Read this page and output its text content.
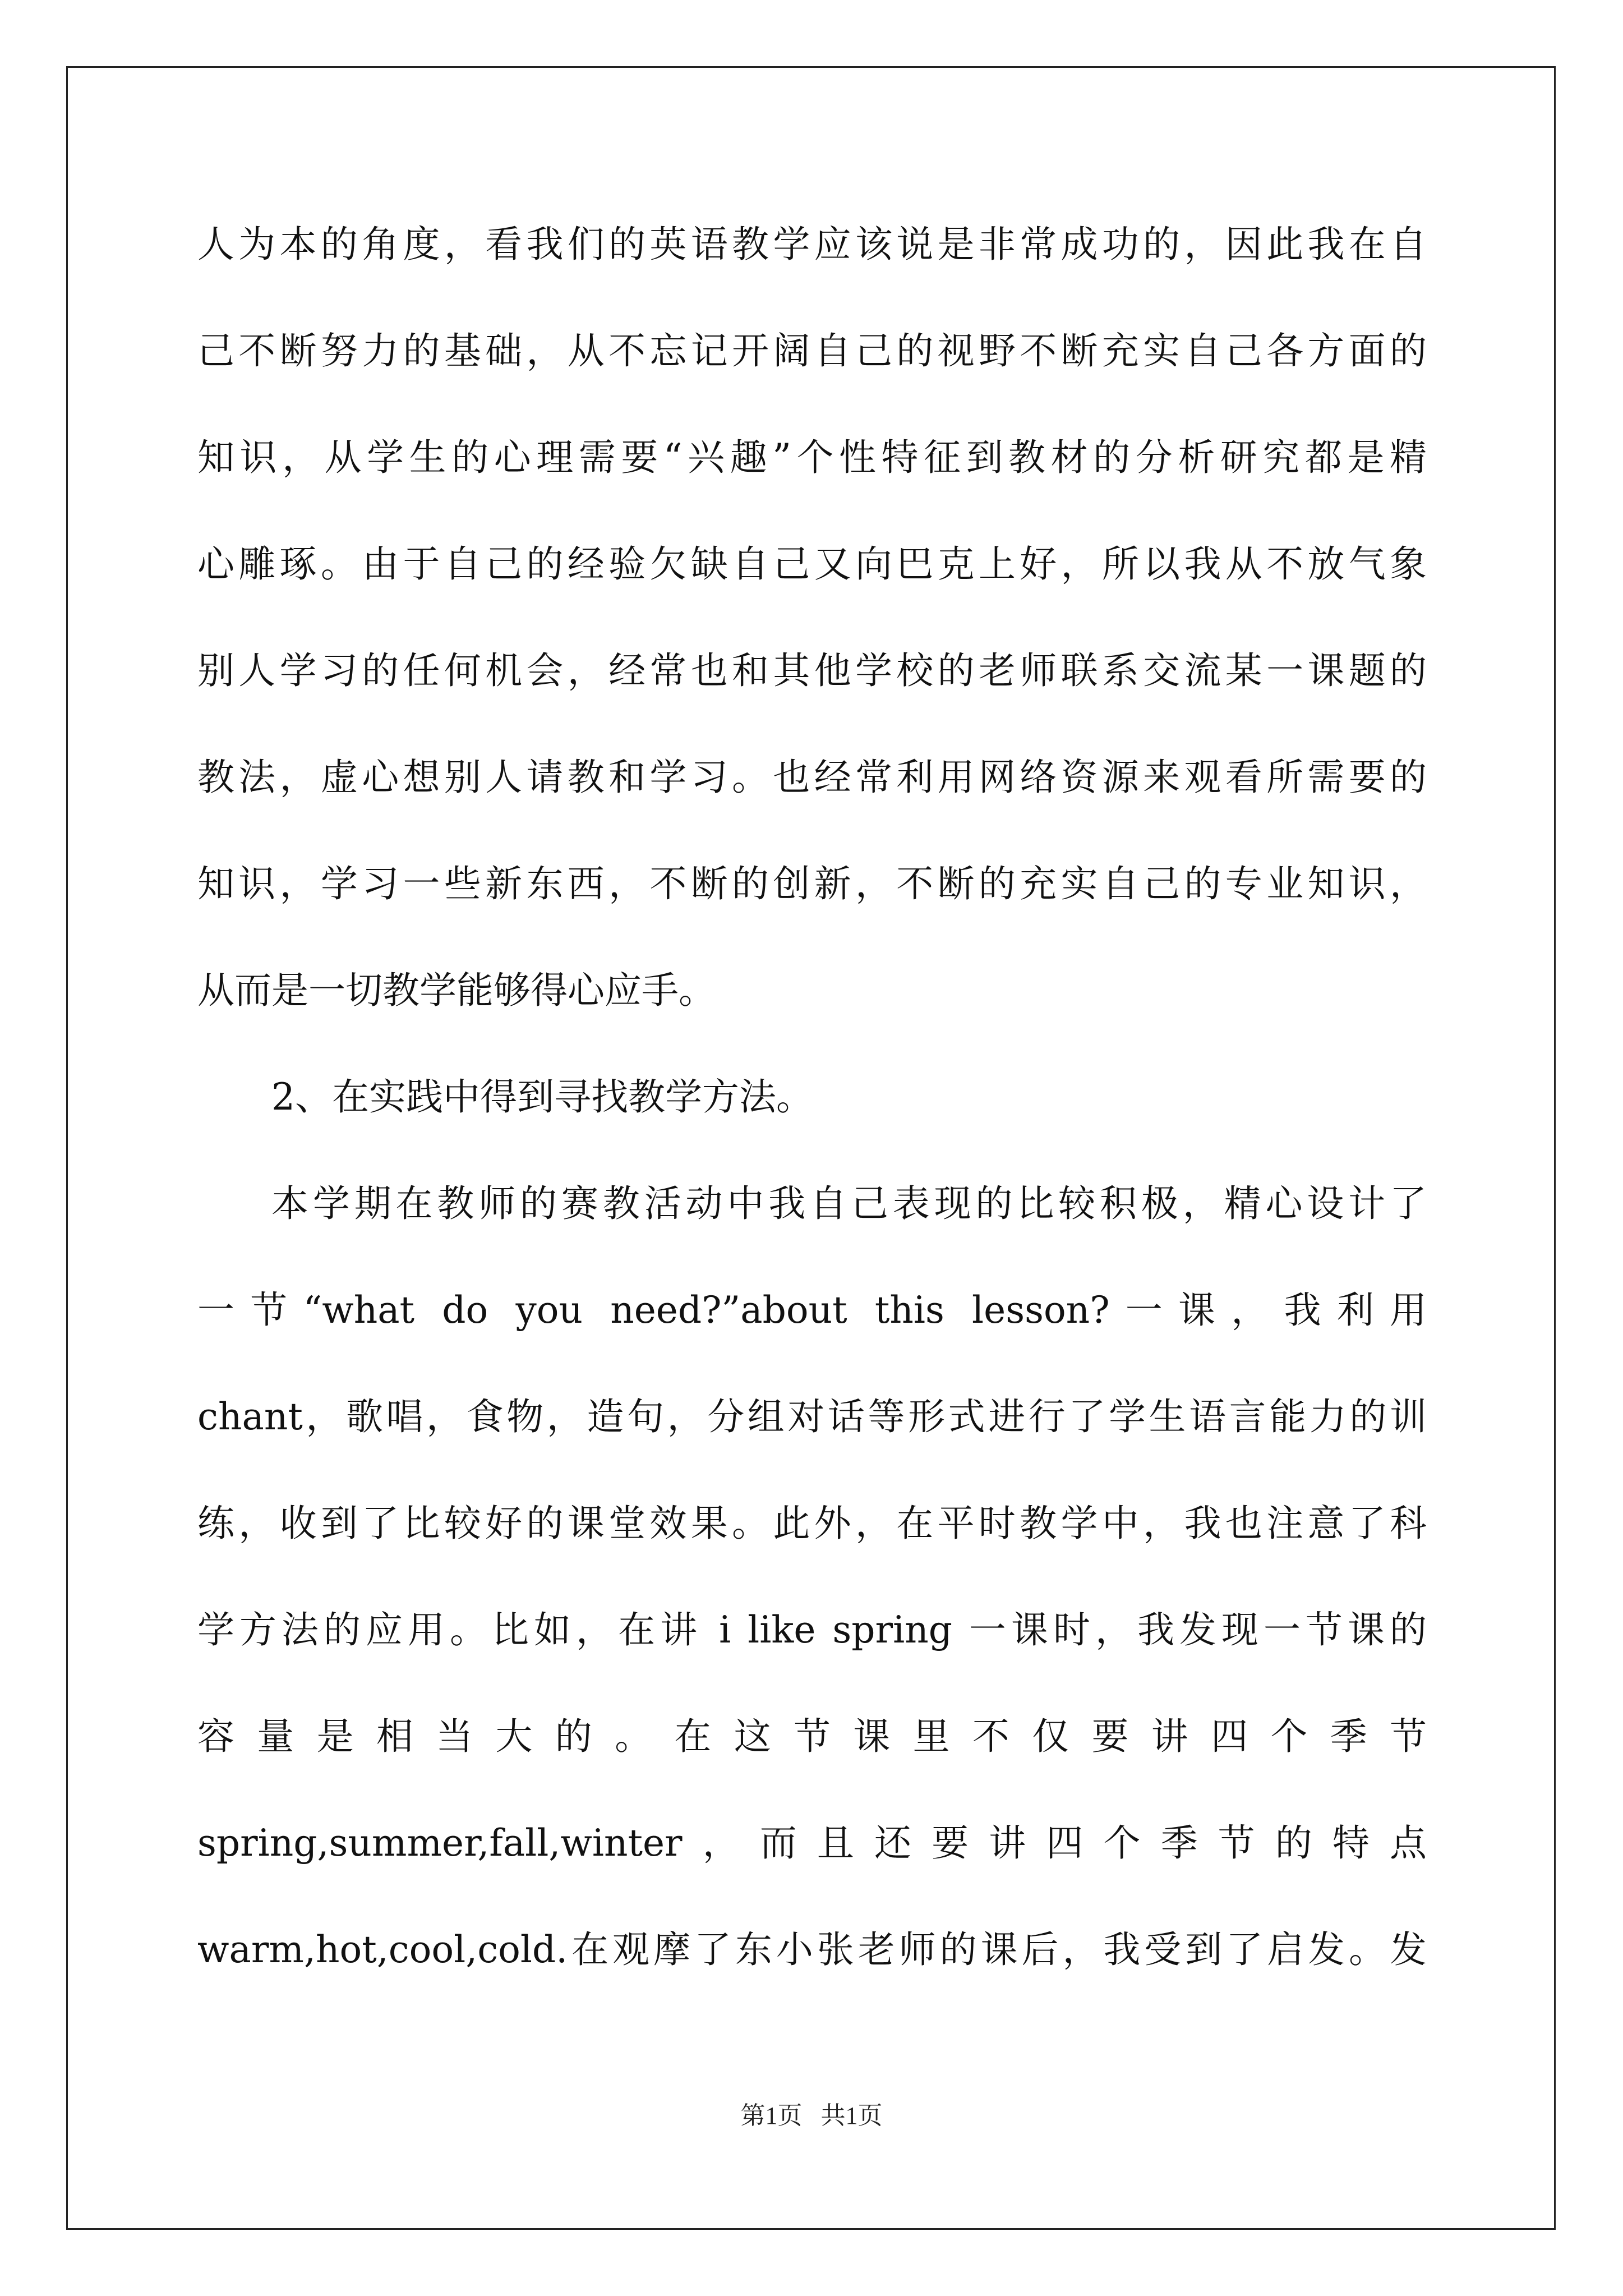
人为本的角度，看我们的英语教学应该说是非常成功的，因此我在自
己不断努力的基础，从不忘记开阔自己的视野不断充实自己各方面的
知识，从学生的心理需要“兴趣”个性特征到教材的分析研究都是精
心雕琢。由于自己的经验欠缺自己又向巴克上好，所以我从不放气象
别人学习的任何机会，经常也和其他学校的老师联系交流某一课题的
教法，虚心想别人请教和学习。也经常利用网络资源来观看所需要的
知识，学习一些新东西，不断的创新，不断的充实自己的专业知识，
从而是一切教学能够得心应手。
2、在实践中得到寻找教学方法。
本学期在教师的赛教活动中我自己表现的比较积极，精心设计了
一节“what do you need?”about this lesson?一课，我利用
chant，歌唱，食物，造句，分组对话等形式进行了学生语言能力的训
练，收到了比较好的课堂效果。此外，在平时教学中，我也注意了科
学方法的应用。比如，在讲 i like spring 一课时，我发现一节课的
容量是相当大的。在这节课里不仅要讲四个季节
spring,summer,fall,winter，而且还要讲四个季节的特点
warm,hot,cool,cold.在观摩了东小张老师的课后，我受到了启发。发
第1页   共1页
